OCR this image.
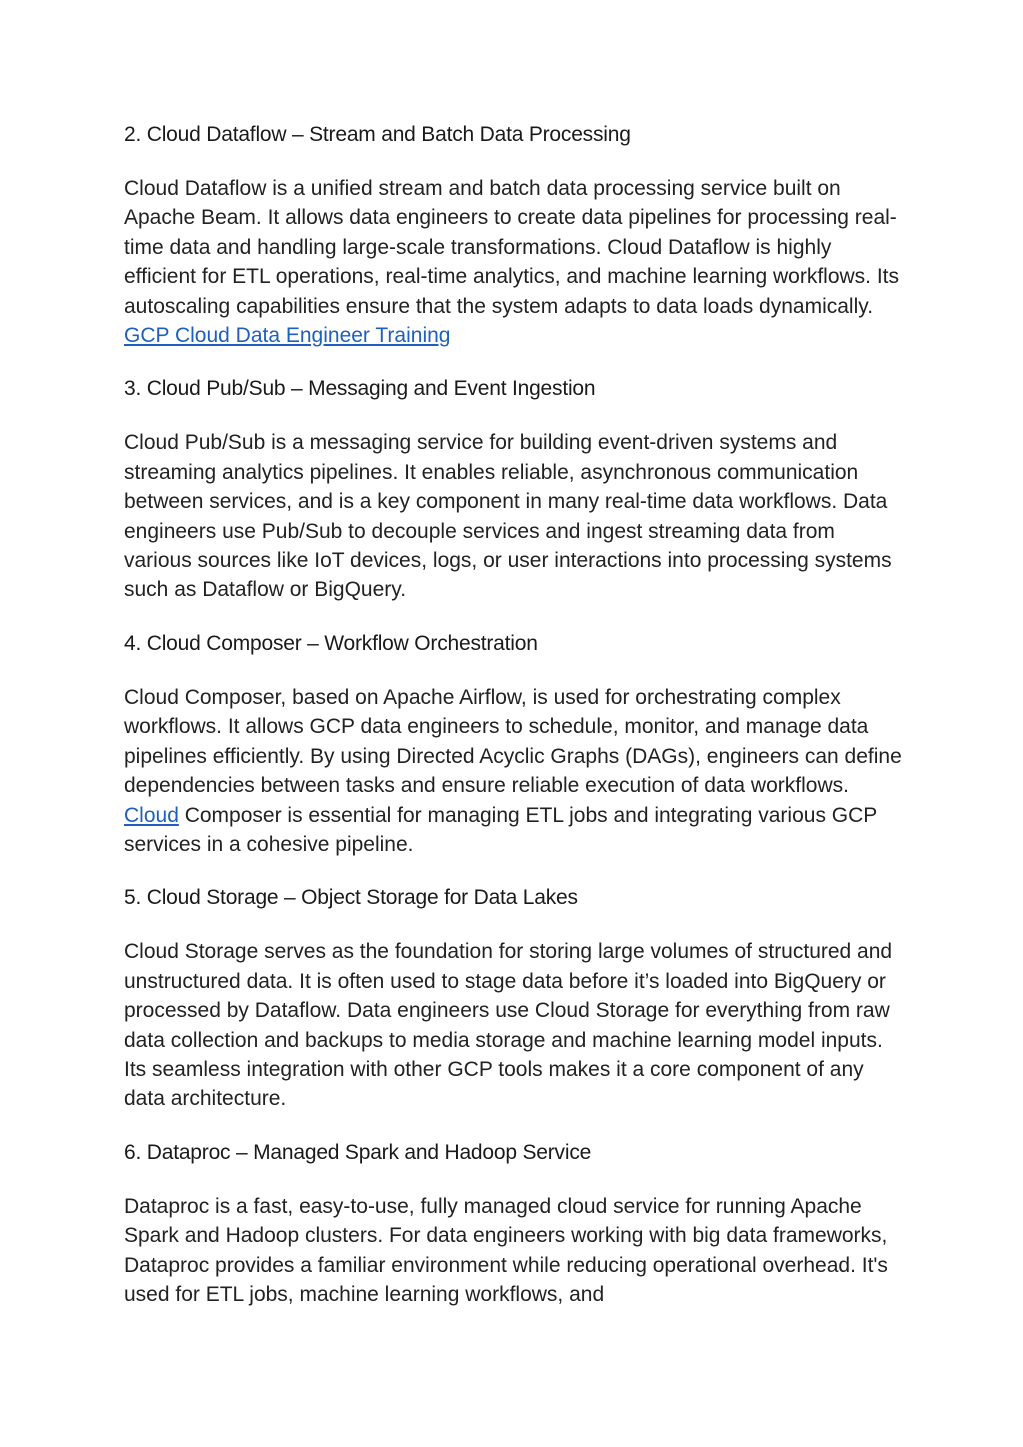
2. Cloud Dataflow – Stream and Batch Data Processing

Cloud Dataflow is a unified stream and batch data processing service built on Apache Beam. It allows data engineers to create data pipelines for processing real-time data and handling large-scale transformations. Cloud Dataflow is highly efficient for ETL operations, real-time analytics, and machine learning workflows. Its autoscaling capabilities ensure that the system adapts to data loads dynamically. GCP Cloud Data Engineer Training

3. Cloud Pub/Sub – Messaging and Event Ingestion

Cloud Pub/Sub is a messaging service for building event-driven systems and streaming analytics pipelines. It enables reliable, asynchronous communication between services, and is a key component in many real-time data workflows. Data engineers use Pub/Sub to decouple services and ingest streaming data from various sources like IoT devices, logs, or user interactions into processing systems such as Dataflow or BigQuery.

4. Cloud Composer – Workflow Orchestration

Cloud Composer, based on Apache Airflow, is used for orchestrating complex workflows. It allows GCP data engineers to schedule, monitor, and manage data pipelines efficiently. By using Directed Acyclic Graphs (DAGs), engineers can define dependencies between tasks and ensure reliable execution of data workflows. Cloud Composer is essential for managing ETL jobs and integrating various GCP services in a cohesive pipeline.

5. Cloud Storage – Object Storage for Data Lakes

Cloud Storage serves as the foundation for storing large volumes of structured and unstructured data. It is often used to stage data before it’s loaded into BigQuery or processed by Dataflow. Data engineers use Cloud Storage for everything from raw data collection and backups to media storage and machine learning model inputs. Its seamless integration with other GCP tools makes it a core component of any data architecture.

6. Dataproc – Managed Spark and Hadoop Service

Dataproc is a fast, easy-to-use, fully managed cloud service for running Apache Spark and Hadoop clusters. For data engineers working with big data frameworks, Dataproc provides a familiar environment while reducing operational overhead. It's used for ETL jobs, machine learning workflows, and
